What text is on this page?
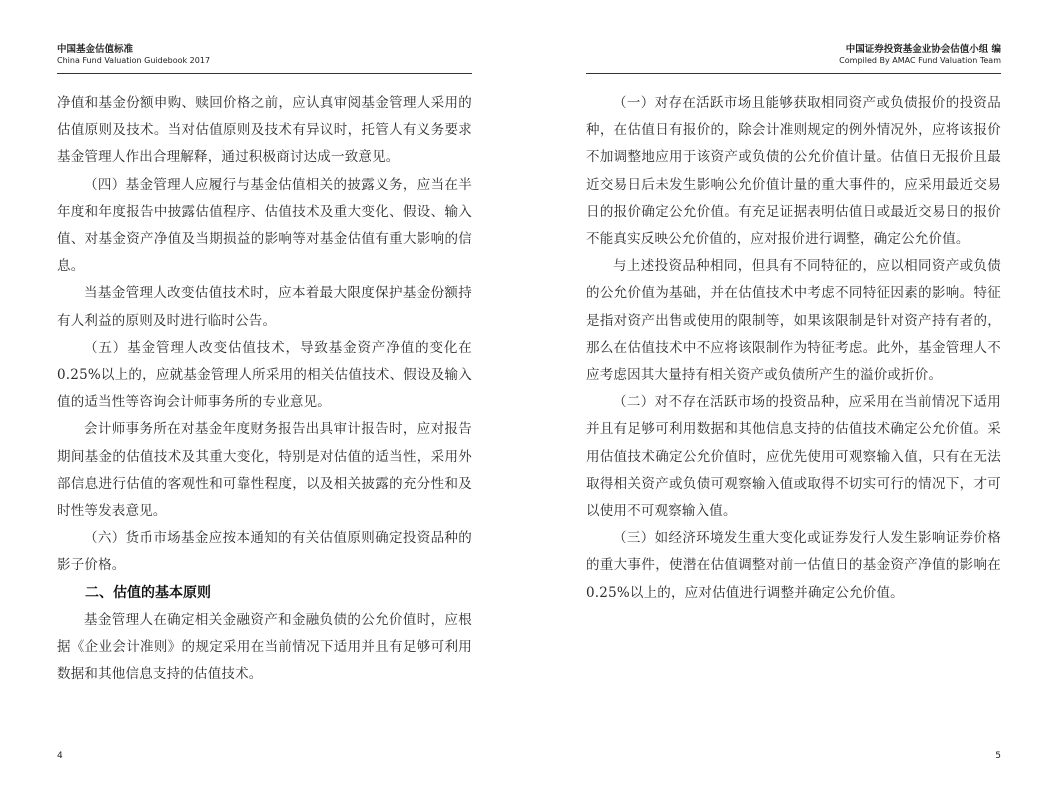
中国基金估值标准
China Fund Valuation Guidebook 2017

净值和基金份额申购、赎回价格之前，应认真审阅基金管理人采用的估值原则及技术。当对估值原则及技术有异议时，托管人有义务要求基金管理人作出合理解释，通过积极商讨达成一致意见。

（四）基金管理人应履行与基金估值相关的披露义务，应当在半年度和年度报告中披露估值程序、估值技术及重大变化、假设、输入值、对基金资产净值及当期损益的影响等对基金估值有重大影响的信息。

当基金管理人改变估值技术时，应本着最大限度保护基金份额持有人利益的原则及时进行临时公告。

（五）基金管理人改变估值技术，导致基金资产净值的变化在0.25%以上的，应就基金管理人所采用的相关估值技术、假设及输入值的适当性等咨询会计师事务所的专业意见。

会计师事务所在对基金年度财务报告出具审计报告时，应对报告期间基金的估值技术及其重大变化，特别是对估值的适当性，采用外部信息进行估值的客观性和可靠性程度，以及相关披露的充分性和及时性等发表意见。

（六）货币市场基金应按本通知的有关估值原则确定投资品种的影子价格。

二、估值的基本原则

基金管理人在确定相关金融资产和金融负债的公允价值时，应根据《企业会计准则》的规定采用在当前情况下适用并且有足够可利用数据和其他信息支持的估值技术。

4
中国证券投资基金业协会估值小组 编
Compiled By AMAC Fund Valuation Team

（一）对存在活跃市场且能够获取相同资产或负债报价的投资品种，在估值日有报价的，除会计准则规定的例外情况外，应将该报价不加调整地应用于该资产或负债的公允价值计量。估值日无报价且最近交易日后未发生影响公允价值计量的重大事件的，应采用最近交易日的报价确定公允价值。有充足证据表明估值日或最近交易日的报价不能真实反映公允价值的，应对报价进行调整，确定公允价值。

与上述投资品种相同，但具有不同特征的，应以相同资产或负债的公允价值为基础，并在估值技术中考虑不同特征因素的影响。特征是指对资产出售或使用的限制等，如果该限制是针对资产持有者的，那么在估值技术中不应将该限制作为特征考虑。此外，基金管理人不应考虑因其大量持有相关资产或负债所产生的溢价或折价。

（二）对不存在活跃市场的投资品种，应采用在当前情况下适用并且有足够可利用数据和其他信息支持的估值技术确定公允价值。采用估值技术确定公允价值时，应优先使用可观察输入值，只有在无法取得相关资产或负债可观察输入值或取得不切实可行的情况下，才可以使用不可观察输入值。

（三）如经济环境发生重大变化或证券发行人发生影响证券价格的重大事件，使潜在估值调整对前一估值日的基金资产净值的影响在0.25%以上的，应对估值进行调整并确定公允价值。

5
